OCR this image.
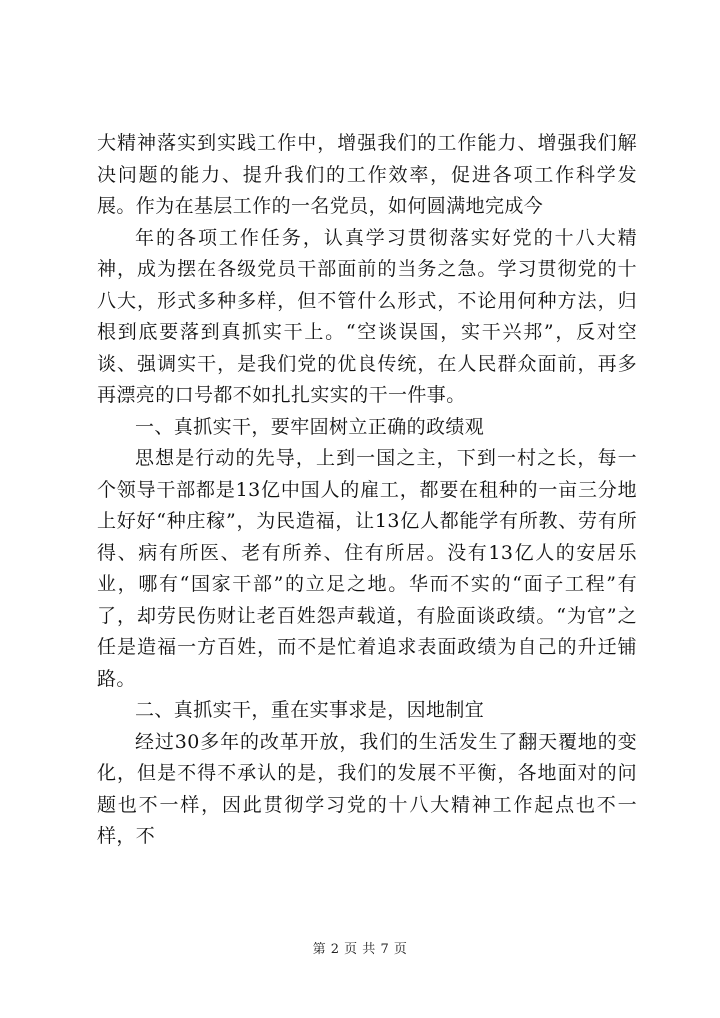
大精神落实到实践工作中，增强我们的工作能力、增强我们解决问题的能力、提升我们的工作效率，促进各项工作科学发展。作为在基层工作的一名党员，如何圆满地完成今

年的各项工作任务，认真学习贯彻落实好党的十八大精神，成为摆在各级党员干部面前的当务之急。学习贯彻党的十八大，形式多种多样，但不管什么形式，不论用何种方法，归根到底要落到真抓实干上。“空谈误国，实干兴邦”，反对空谈、强调实干，是我们党的优良传统，在人民群众面前，再多再漂亮的口号都不如扎扎实实的干一件事。

一、真抓实干，要牢固树立正确的政绩观

思想是行动的先导，上到一国之主，下到一村之长，每一个领导干部都是13亿中国人的雇工，都要在租种的一亩三分地上好好“种庄稼”，为民造福，让13亿人都能学有所教、劳有所得、病有所医、老有所养、住有所居。没有13亿人的安居乐业，哪有“国家干部”的立足之地。华而不实的“面子工程”有了，却劳民伤财让老百姓怨声载道，有脸面谈政绩。“为官”之任是造福一方百姓，而不是忙着追求表面政绩为自己的升迁铺路。

二、真抓实干，重在实事求是，因地制宜

经过30多年的改革开放，我们的生活发生了翻天覆地的变化，但是不得不承认的是，我们的发展不平衡，各地面对的问题也不一样，因此贯彻学习党的十八大精神工作起点也不一样，不

第 2 页 共 7 页
